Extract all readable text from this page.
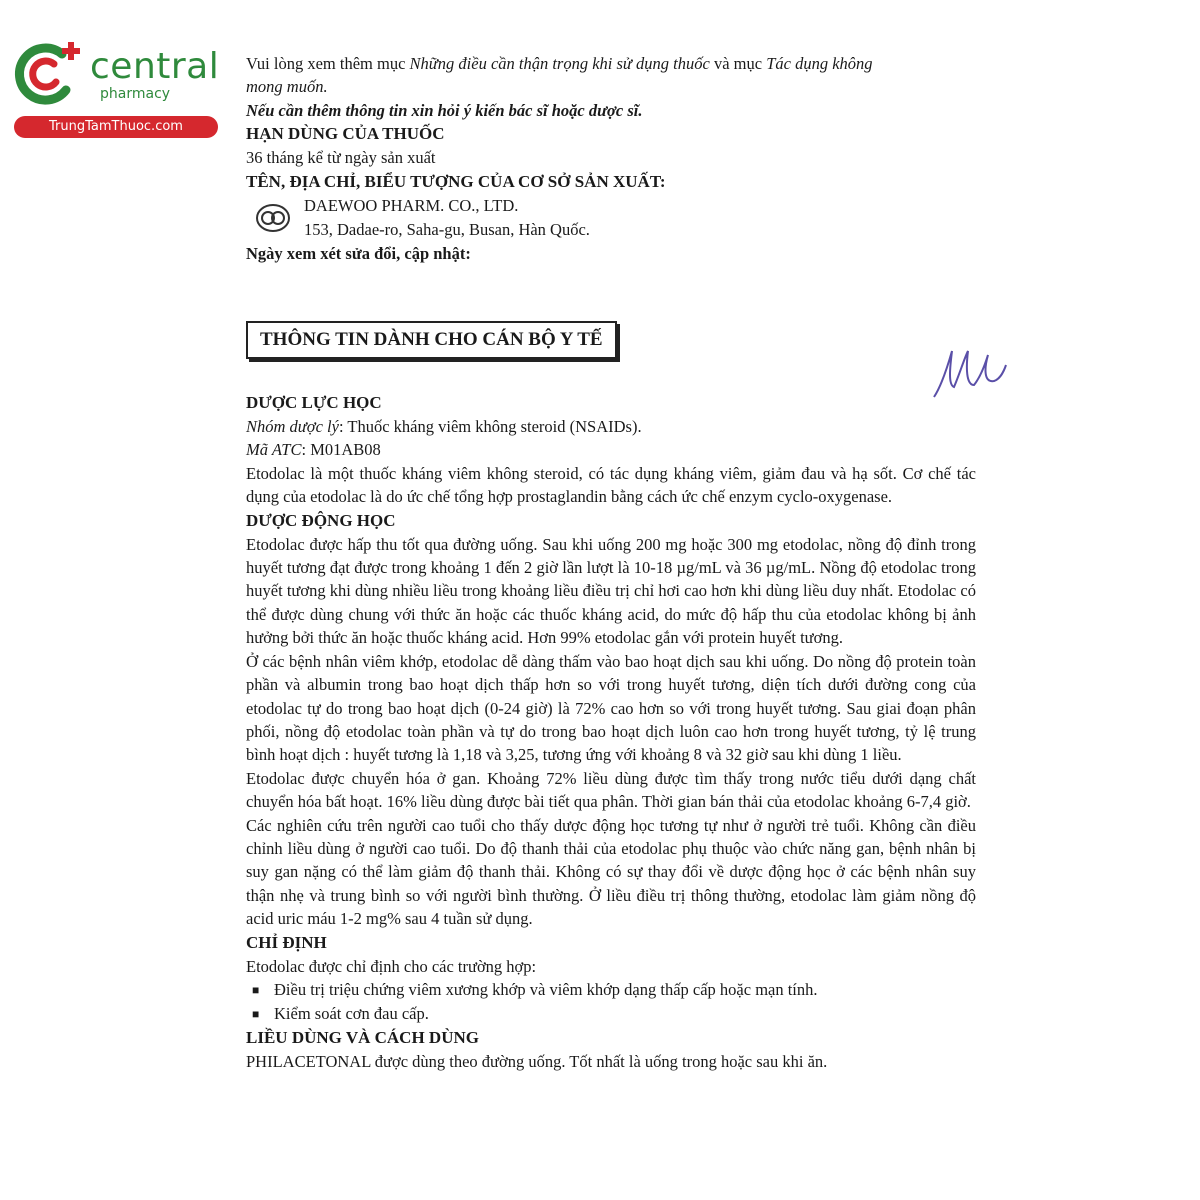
central
pharmacy
TrungTamThuoc.com

Vui lòng xem thêm mục Những điều cần thận trọng khi sử dụng thuốc và mục Tác dụng không

mong muốn.

Nếu cần thêm thông tin xin hỏi ý kiến bác sĩ hoặc dược sĩ.

HẠN DÙNG CỦA THUỐC

36 tháng kể từ ngày sản xuất

TÊN, ĐỊA CHỈ, BIỂU TƯỢNG CỦA CƠ SỞ SẢN XUẤT:

DAEWOO PHARM. CO., LTD.
153, Dadae-ro, Saha-gu, Busan, Hàn Quốc.

Ngày xem xét sửa đổi, cập nhật:

THÔNG TIN DÀNH CHO CÁN BỘ Y TẾ

DƯỢC LỰC HỌC

Nhóm dược lý: Thuốc kháng viêm không steroid (NSAIDs).

Mã ATC: M01AB08

Etodolac là một thuốc kháng viêm không steroid, có tác dụng kháng viêm, giảm đau và hạ sốt. Cơ chế tác dụng của etodolac là do ức chế tổng hợp prostaglandin bằng cách ức chế enzym cyclo-oxygenase.

DƯỢC ĐỘNG HỌC

Etodolac được hấp thu tốt qua đường uống. Sau khi uống 200 mg hoặc 300 mg etodolac, nồng độ đỉnh trong huyết tương đạt được trong khoảng 1 đến 2 giờ lần lượt là 10-18 µg/mL và 36 µg/mL. Nồng độ etodolac trong huyết tương khi dùng nhiều liều trong khoảng liều điều trị chỉ hơi cao hơn khi dùng liều duy nhất. Etodolac có thể được dùng chung với thức ăn hoặc các thuốc kháng acid, do mức độ hấp thu của etodolac không bị ảnh hưởng bởi thức ăn hoặc thuốc kháng acid. Hơn 99% etodolac gắn với protein huyết tương.

Ở các bệnh nhân viêm khớp, etodolac dễ dàng thấm vào bao hoạt dịch sau khi uống. Do nồng độ protein toàn phần và albumin trong bao hoạt dịch thấp hơn so với trong huyết tương, diện tích dưới đường cong của etodolac tự do trong bao hoạt dịch (0-24 giờ) là 72% cao hơn so với trong huyết tương. Sau giai đoạn phân phối, nồng độ etodolac toàn phần và tự do trong bao hoạt dịch luôn cao hơn trong huyết tương, tỷ lệ trung bình hoạt dịch : huyết tương là 1,18 và 3,25, tương ứng với khoảng 8 và 32 giờ sau khi dùng 1 liều.

Etodolac được chuyển hóa ở gan. Khoảng 72% liều dùng được tìm thấy trong nước tiểu dưới dạng chất chuyển hóa bất hoạt. 16% liều dùng được bài tiết qua phân. Thời gian bán thải của etodolac khoảng 6-7,4 giờ.

Các nghiên cứu trên người cao tuổi cho thấy dược động học tương tự như ở người trẻ tuổi. Không cần điều chỉnh liều dùng ở người cao tuổi. Do độ thanh thải của etodolac phụ thuộc vào chức năng gan, bệnh nhân bị suy gan nặng có thể làm giảm độ thanh thải. Không có sự thay đổi về dược động học ở các bệnh nhân suy thận nhẹ và trung bình so với người bình thường. Ở liều điều trị thông thường, etodolac làm giảm nồng độ acid uric máu 1-2 mg% sau 4 tuần sử dụng.

CHỈ ĐỊNH

Etodolac được chỉ định cho các trường hợp:

■ Điều trị triệu chứng viêm xương khớp và viêm khớp dạng thấp cấp hoặc mạn tính.
■ Kiểm soát cơn đau cấp.

LIỀU DÙNG VÀ CÁCH DÙNG

PHILACETONAL được dùng theo đường uống. Tốt nhất là uống trong hoặc sau khi ăn.
